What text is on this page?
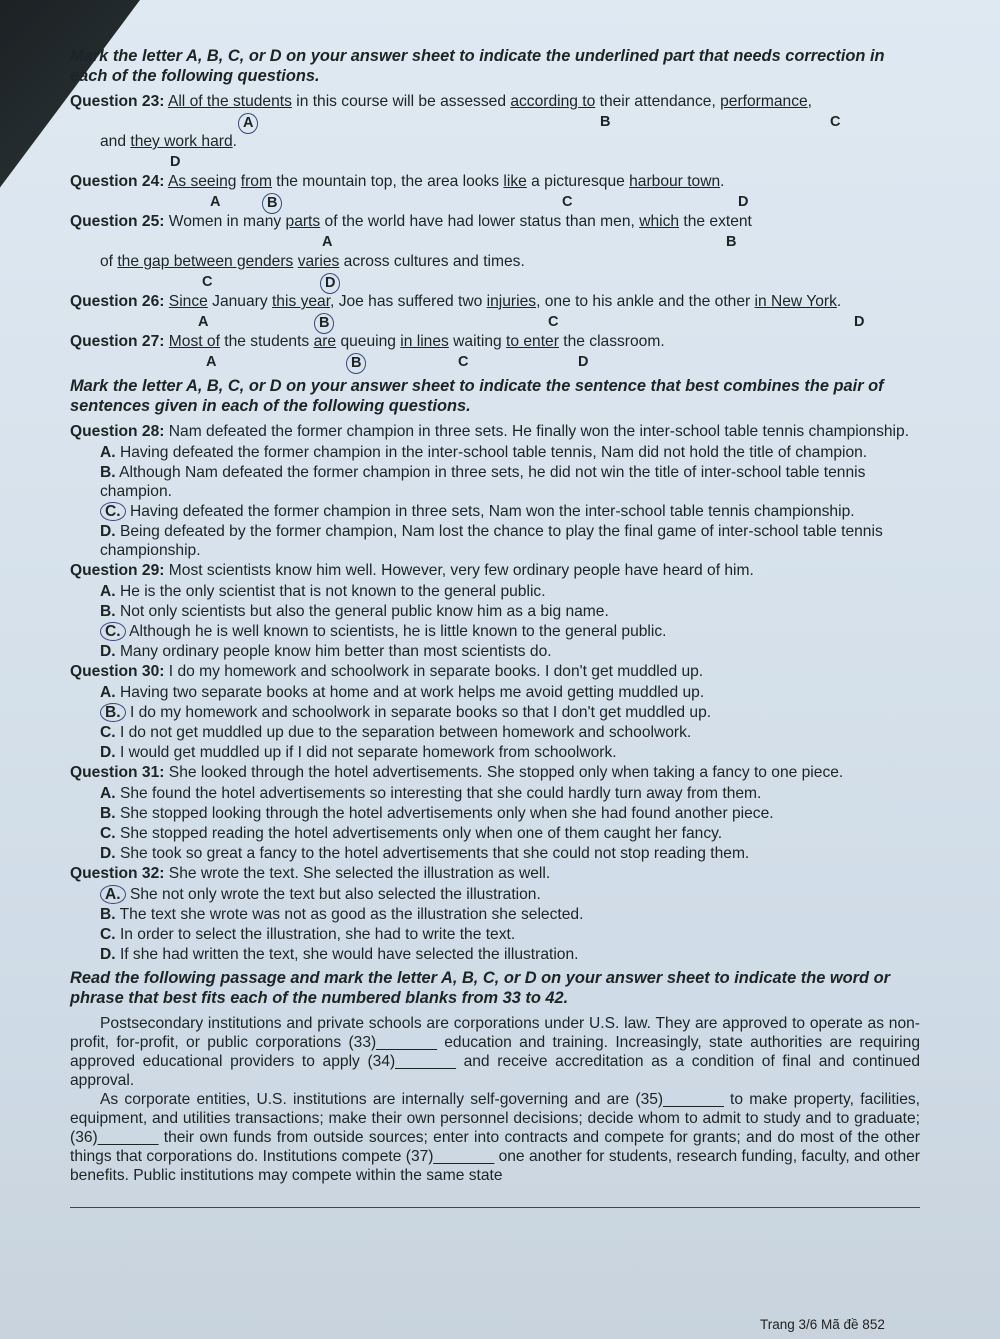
Mark the letter A, B, C, or D on your answer sheet to indicate the underlined part that needs correction in each of the following questions.
Question 23: All of the students in this course will be assessed according to their attendance, performance,
A	B	C
and they work hard.
D
Question 24: As seeing from the mountain top, the area looks like a picturesque harbour town.
A	B	C	D
Question 25: Women in many parts of the world have had lower status than men, which the extent
A	B
of the gap between genders varies across cultures and times.
C	D
Question 26: Since January this year, Joe has suffered two injuries, one to his ankle and the other in New York.
A	B	C	D
Question 27: Most of the students are queuing in lines waiting to enter the classroom.
A	B	C	D
Mark the letter A, B, C, or D on your answer sheet to indicate the sentence that best combines the pair of sentences given in each of the following questions.
Question 28: Nam defeated the former champion in three sets. He finally won the inter-school table tennis championship.
A. Having defeated the former champion in the inter-school table tennis, Nam did not hold the title of champion.
B. Although Nam defeated the former champion in three sets, he did not win the title of inter-school table tennis champion.
C. Having defeated the former champion in three sets, Nam won the inter-school table tennis championship.
D. Being defeated by the former champion, Nam lost the chance to play the final game of inter-school table tennis championship.
Question 29: Most scientists know him well. However, very few ordinary people have heard of him.
A. He is the only scientist that is not known to the general public.
B. Not only scientists but also the general public know him as a big name.
C. Although he is well known to scientists, he is little known to the general public.
D. Many ordinary people know him better than most scientists do.
Question 30: I do my homework and schoolwork in separate books. I don't get muddled up.
A. Having two separate books at home and at work helps me avoid getting muddled up.
B. I do my homework and schoolwork in separate books so that I don't get muddled up.
C. I do not get muddled up due to the separation between homework and schoolwork.
D. I would get muddled up if I did not separate homework from schoolwork.
Question 31: She looked through the hotel advertisements. She stopped only when taking a fancy to one piece.
A. She found the hotel advertisements so interesting that she could hardly turn away from them.
B. She stopped looking through the hotel advertisements only when she had found another piece.
C. She stopped reading the hotel advertisements only when one of them caught her fancy.
D. She took so great a fancy to the hotel advertisements that she could not stop reading them.
Question 32: She wrote the text. She selected the illustration as well.
A. She not only wrote the text but also selected the illustration.
B. The text she wrote was not as good as the illustration she selected.
C. In order to select the illustration, she had to write the text.
D. If she had written the text, she would have selected the illustration.
Read the following passage and mark the letter A, B, C, or D on your answer sheet to indicate the word or phrase that best fits each of the numbered blanks from 33 to 42.

Postsecondary institutions and private schools are corporations under U.S. law. They are approved to operate as non-profit, for-profit, or public corporations (33)_______ education and training. Increasingly, state authorities are requiring approved educational providers to apply (34)_______ and receive accreditation as a condition of final and continued approval.

As corporate entities, U.S. institutions are internally self-governing and are (35)_______ to make property, facilities, equipment, and utilities transactions; make their own personnel decisions; decide whom to admit to study and to graduate; (36)_______ their own funds from outside sources; enter into contracts and compete for grants; and do most of the other things that corporations do. Institutions compete (37)_______ one another for students, research funding, faculty, and other benefits. Public institutions may compete within the same state

Trang 3/6 Mã đề 852
